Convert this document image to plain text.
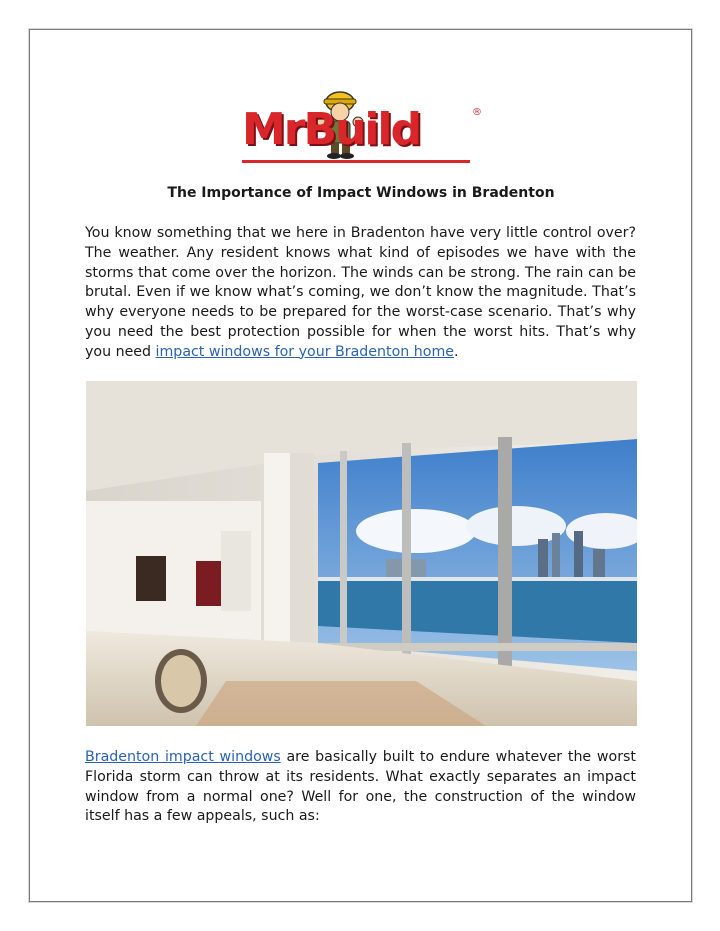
MrBuild	®
The Importance of Impact Windows in Bradenton

You know something that we here in Bradenton have very little control over? The weather. Any resident knows what kind of episodes we have with the storms that come over the horizon. The winds can be strong. The rain can be brutal. Even if we know what’s coming, we don’t know the magnitude. That’s why everyone needs to be prepared for the worst-case scenario. That’s why you need the best protection possible for when the worst hits. That’s why you need impact windows for your Bradenton home.

Bradenton impact windows are basically built to endure whatever the worst Florida storm can throw at its residents. What exactly separates an impact window from a normal one? Well for one, the construction of the window itself has a few appeals, such as:
